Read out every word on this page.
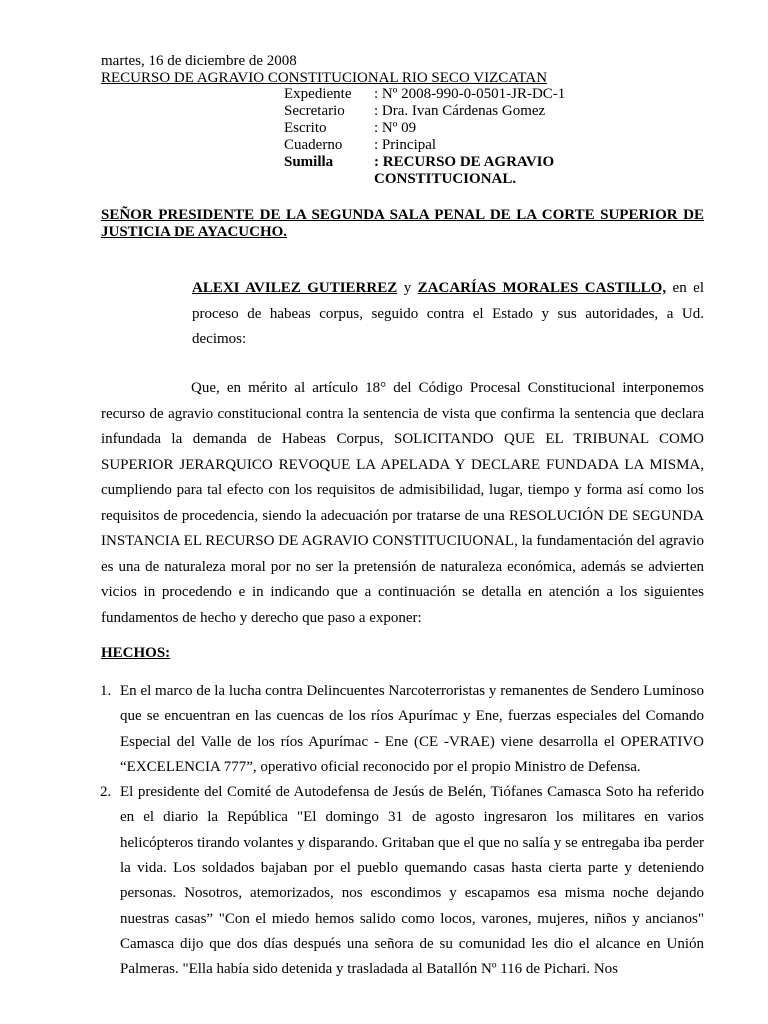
martes, 16 de diciembre de 2008
RECURSO DE AGRAVIO CONSTITUCIONAL RIO SECO VIZCATAN
Expediente	: Nº 2008-990-0-0501-JR-DC-1
Secretario	: Dra. Ivan Cárdenas Gomez
Escrito	: Nº 09
Cuaderno	: Principal
Sumilla	: RECURSO DE AGRAVIO
CONSTITUCIONAL.
SEÑOR PRESIDENTE DE LA SEGUNDA SALA PENAL DE LA CORTE SUPERIOR DE JUSTICIA DE AYACUCHO.
ALEXI AVILEZ GUTIERREZ y ZACARÍAS MORALES CASTILLO, en el proceso de habeas corpus, seguido contra el Estado y sus autoridades, a Ud. decimos:
Que, en mérito al artículo 18° del Código Procesal Constitucional interponemos recurso de agravio constitucional contra la sentencia de vista que confirma la sentencia que declara infundada la demanda de Habeas Corpus, SOLICITANDO QUE EL TRIBUNAL COMO SUPERIOR JERARQUICO REVOQUE LA APELADA Y DECLARE FUNDADA LA MISMA, cumpliendo para tal efecto con los requisitos de admisibilidad, lugar, tiempo y forma así como los requisitos de procedencia, siendo la adecuación por tratarse de una RESOLUCIÓN DE SEGUNDA INSTANCIA EL RECURSO DE AGRAVIO CONSTITUCIUONAL, la fundamentación del agravio es una de naturaleza moral por no ser la pretensión de naturaleza económica, además se advierten vicios in procedendo e in indicando que a continuación se detalla en atención a los siguientes fundamentos de hecho y derecho que paso a exponer:
HECHOS:
1. En el marco de la lucha contra Delincuentes Narcoterroristas y remanentes de Sendero Luminoso que se encuentran en las cuencas de los ríos Apurímac y Ene, fuerzas especiales del Comando Especial del Valle de los ríos Apurímac - Ene (CE -VRAE) viene desarrolla el OPERATIVO “EXCELENCIA 777”, operativo oficial reconocido por el propio Ministro de Defensa.
2. El presidente del Comité de Autodefensa de Jesús de Belén, Tiófanes Camasca Soto ha referido en el diario la República "El domingo 31 de agosto ingresaron los militares en varios helicópteros tirando volantes y disparando. Gritaban que el que no salía y se entregaba iba perder la vida. Los soldados bajaban por el pueblo quemando casas hasta cierta parte y deteniendo personas. Nosotros, atemorizados, nos escondimos y escapamos esa misma noche dejando nuestras casas” "Con el miedo hemos salido como locos, varones, mujeres, niños y ancianos" Camasca dijo que dos días después una señora de su comunidad les dio el alcance en Unión Palmeras. "Ella había sido detenida y trasladada al Batallón Nº 116 de Pichari. Nos
